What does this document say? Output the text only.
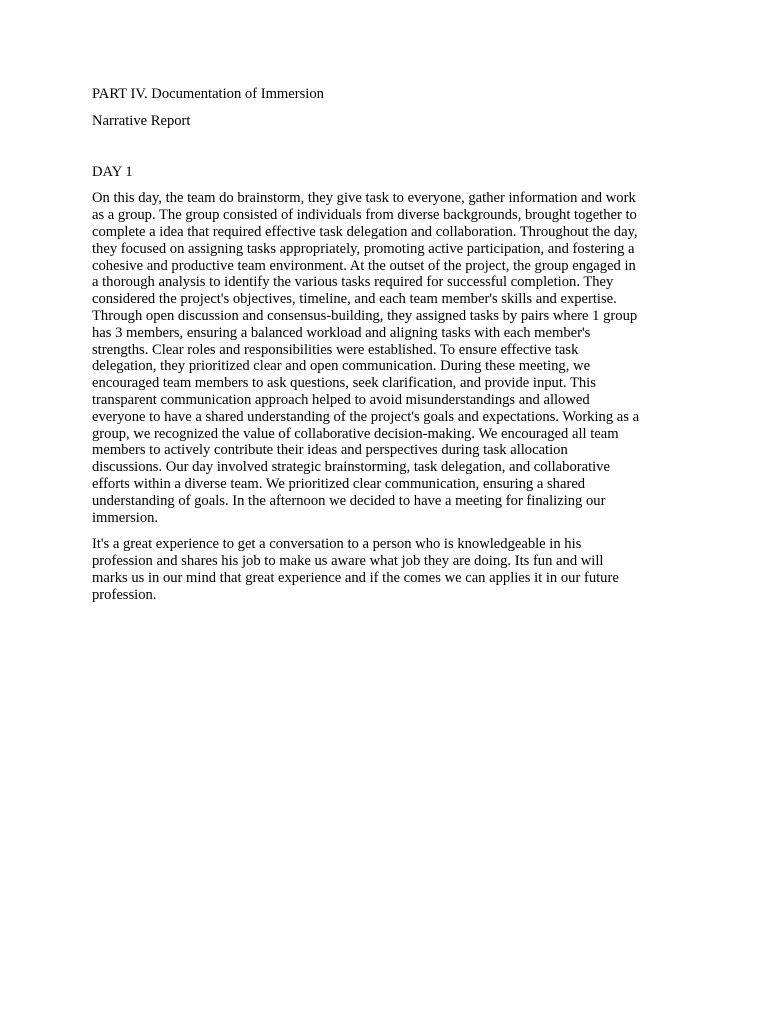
PART IV. Documentation of Immersion

Narrative Report

DAY 1

On this day, the team do brainstorm, they give task to everyone, gather information and work
as a group. The group consisted of individuals from diverse backgrounds, brought together to
complete a idea that required effective task delegation and collaboration. Throughout the day,
they focused on assigning tasks appropriately, promoting active participation, and fostering a
cohesive and productive team environment. At the outset of the project, the group engaged in
a thorough analysis to identify the various tasks required for successful completion. They
considered the project's objectives, timeline, and each team member's skills and expertise.
Through open discussion and consensus-building, they assigned tasks by pairs where 1 group
has 3 members, ensuring a balanced workload and aligning tasks with each member's
strengths. Clear roles and responsibilities were established. To ensure effective task
delegation, they prioritized clear and open communication. During these meeting, we
encouraged team members to ask questions, seek clarification, and provide input. This
transparent communication approach helped to avoid misunderstandings and allowed
everyone to have a shared understanding of the project's goals and expectations. Working as a
group, we recognized the value of collaborative decision-making. We encouraged all team
members to actively contribute their ideas and perspectives during task allocation
discussions. Our day involved strategic brainstorming, task delegation, and collaborative
efforts within a diverse team. We prioritized clear communication, ensuring a shared
understanding of goals. In the afternoon we decided to have a meeting for finalizing our
immersion.

It's a great experience to get a conversation to a person who is knowledgeable in his
profession and shares his job to make us aware what job they are doing. Its fun and will
marks us in our mind that great experience and if the comes we can applies it in our future
profession.
